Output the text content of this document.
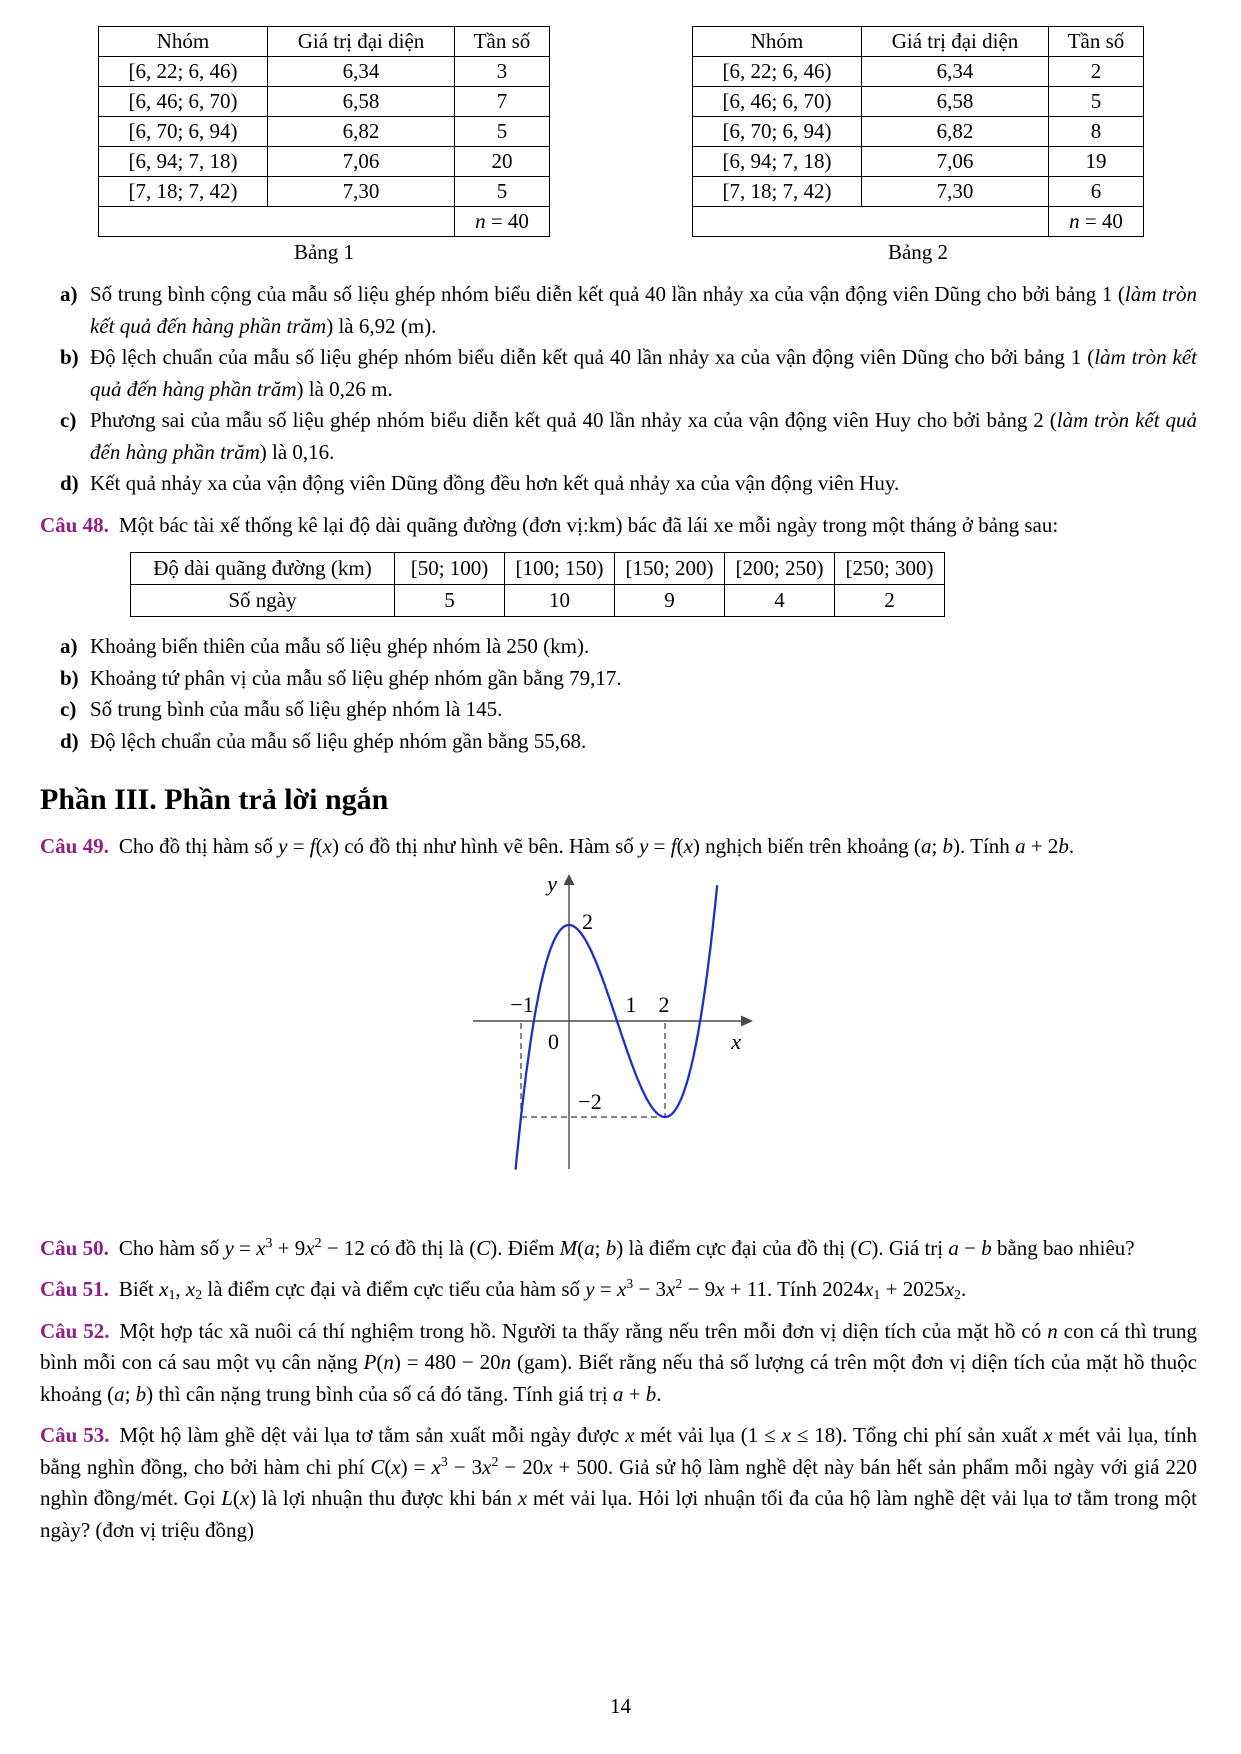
Nhóm	Giá trị đại diện	Tần số
[6, 22; 6, 46)	6,34	3
[6, 46; 6, 70)	6,58	7
[6, 70; 6, 94)	6,82	5
[6, 94; 7, 18)	7,06	20
[7, 18; 7, 42)	7,30	5
		n = 40
Bảng 1
Nhóm	Giá trị đại diện	Tần số
[6, 22; 6, 46)	6,34	2
[6, 46; 6, 70)	6,58	5
[6, 70; 6, 94)	6,82	8
[6, 94; 7, 18)	7,06	19
[7, 18; 7, 42)	7,30	6
		n = 40
Bảng 2
a) Số trung bình cộng của mẫu số liệu ghép nhóm biểu diễn kết quả 40 lần nhảy xa của vận động viên Dũng cho bởi bảng 1 (làm tròn kết quả đến hàng phần trăm) là 6,92 (m).
b) Độ lệch chuẩn của mẫu số liệu ghép nhóm biểu diễn kết quả 40 lần nhảy xa của vận động viên Dũng cho bởi bảng 1 (làm tròn kết quả đến hàng phần trăm) là 0,26 m.
c) Phương sai của mẫu số liệu ghép nhóm biểu diễn kết quả 40 lần nhảy xa của vận động viên Huy cho bởi bảng 2 (làm tròn kết quả đến hàng phần trăm) là 0,16.
d) Kết quả nhảy xa của vận động viên Dũng đồng đều hơn kết quả nhảy xa của vận động viên Huy.

Câu 48. Một bác tài xế thống kê lại độ dài quãng đường (đơn vị:km) bác đã lái xe mỗi ngày trong một tháng ở bảng sau:

Độ dài quãng đường (km)	[50; 100)	[100; 150)	[150; 200)	[200; 250)	[250; 300)
Số ngày	5	10	9	4	2
a) Khoảng biến thiên của mẫu số liệu ghép nhóm là 250 (km).
b) Khoảng tứ phân vị của mẫu số liệu ghép nhóm gần bằng 79,17.
c) Số trung bình của mẫu số liệu ghép nhóm là 145.
d) Độ lệch chuẩn của mẫu số liệu ghép nhóm gần bằng 55,68.
Phần III. Phần trả lời ngắn

Câu 49. Cho đồ thị hàm số y = f(x) có đồ thị như hình vẽ bên. Hàm số y = f(x) nghịch biến trên khoảng (a; b). Tính a + 2b.

y
x
2
−2
−1
0
1 2

Câu 50. Cho hàm số $y = x^3 + 9x^2 - 12$ có đồ thị là (C). Điểm M(a; b) là điểm cực đại của đồ thị (C). Giá trị a − b bằng bao nhiêu?

Câu 51. Biết $x_1$, $x_2$ là điểm cực đại và điểm cực tiểu của hàm số $y = x^3 - 3x^2 - 9x + 11$. Tính $2024x_1 + 2025x_2$.

Câu 52. Một hợp tác xã nuôi cá thí nghiệm trong hồ. Người ta thấy rằng nếu trên mỗi đơn vị diện tích của mặt hồ có n con cá thì trung bình mỗi con cá sau một vụ cân nặng P(n) = 480 − 20n (gam). Biết rằng nếu thả số lượng cá trên một đơn vị diện tích của mặt hồ thuộc khoảng (a; b) thì cân nặng trung bình của số cá đó tăng. Tính giá trị a + b.

Câu 53. Một hộ làm ghề dệt vải lụa tơ tằm sản xuất mỗi ngày được x mét vải lụa (1 ≤ x ≤ 18). Tổng chi phí sản xuất x mét vải lụa, tính bằng nghìn đồng, cho bởi hàm chi phí $C(x) = x^3 - 3x^2 - 20x + 500$. Giả sử hộ làm nghề dệt này bán hết sản phẩm mỗi ngày với giá 220 nghìn đồng/mét. Gọi L(x) là lợi nhuận thu được khi bán x mét vải lụa. Hỏi lợi nhuận tối đa của hộ làm nghề dệt vải lụa tơ tằm trong một ngày? (đơn vị triệu đồng)

14
